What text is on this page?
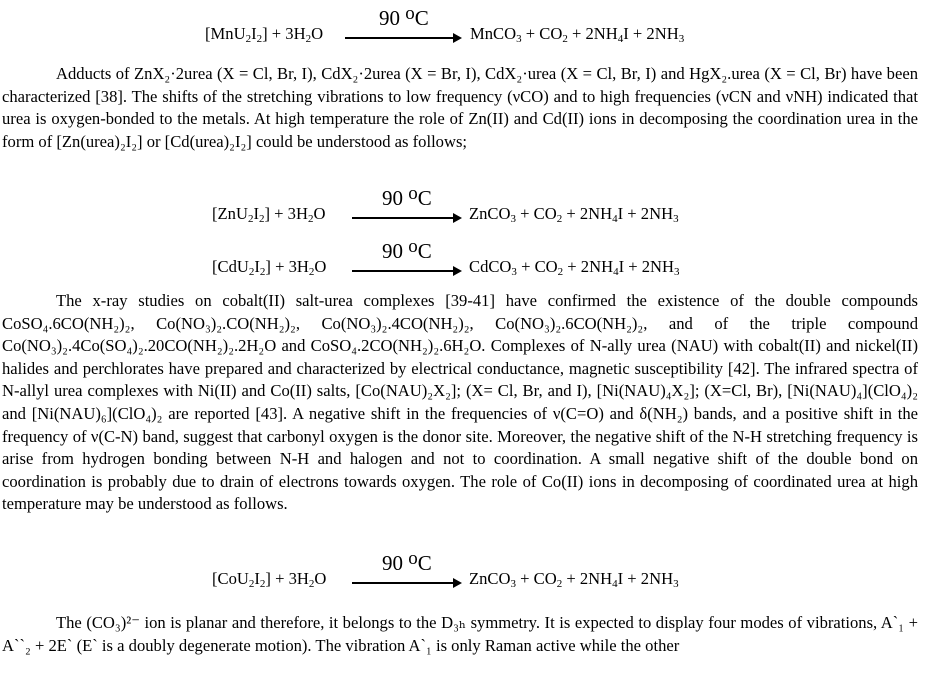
$[MnU_2I_2] + 3H_2O$
90 $^o$C
MnCO$_3$ + $CO_2 + 2NH_4I + 2NH_3$

Adducts of ZnX₂·2urea (X = Cl, Br, I), CdX₂·2urea (X = Br, I), CdX₂·urea (X = Cl, Br, I) and HgX₂.urea (X = Cl, Br) have been characterized [38]. The shifts of the stretching vibrations to low frequency (νCO) and to high frequencies (νCN and νNH) indicated that urea is oxygen-bonded to the metals. At high temperature the role of Zn(II) and Cd(II) ions in decomposing the coordination urea in the form of [Zn(urea)₂I₂] or [Cd(urea)₂I₂] could be understood as follows;

$[ZnU_2I_2] + 3H_2O$
90 $^o$C
ZnCO$_3$ + $CO_2 + 2NH_4I + 2NH_3$
$[CdU_2I_2] + 3H_2O$
90 $^o$C
CdCO$_3$ + $CO_2 + 2NH_4I + 2NH_3$

The x-ray studies on cobalt(II) salt-urea complexes [39-41] have confirmed the existence of the double compounds CoSO₄.6CO(NH₂)₂, Co(NO₃)₂.CO(NH₂)₂, Co(NO₃)₂.4CO(NH₂)₂, Co(NO₃)₂.6CO(NH₂)₂, and of the triple compound Co(NO₃)₂.4Co(SO₄)₂.20CO(NH₂)₂.2H₂O and CoSO₄.2CO(NH₂)₂.6H₂O. Complexes of N-ally urea (NAU) with cobalt(II) and nickel(II) halides and perchlorates have prepared and characterized by electrical conductance, magnetic susceptibility [42]. The infrared spectra of N-allyl urea complexes with Ni(II) and Co(II) salts, [Co(NAU)₂X₂]; (X= Cl, Br, and I), [Ni(NAU)₄X₂]; (X=Cl, Br), [Ni(NAU)₄](ClO₄)₂ and [Ni(NAU)₆](ClO₄)₂ are reported [43]. A negative shift in the frequencies of ν(C=O) and δ(NH₂) bands, and a positive shift in the frequency of ν(C-N) band, suggest that carbonyl oxygen is the donor site. Moreover, the negative shift of the N-H stretching frequency is arise from hydrogen bonding between N-H and halogen and not to coordination. A small negative shift of the double bond on coordination is probably due to drain of electrons towards oxygen. The role of Co(II) ions in decomposing of coordinated urea at high temperature may be understood as follows.

$[CoU_2I_2] + 3H_2O$
90 $^o$C
ZnCO$_3$ + $CO_2 + 2NH_4I + 2NH_3$

The (CO₃)²⁻ ion is planar and therefore, it belongs to the D₃ₕ symmetry. It is expected to display four modes of vibrations, A`₁ + A``₂ + 2E` (E` is a doubly degenerate motion). The vibration A`₁ is only Raman active while the other
